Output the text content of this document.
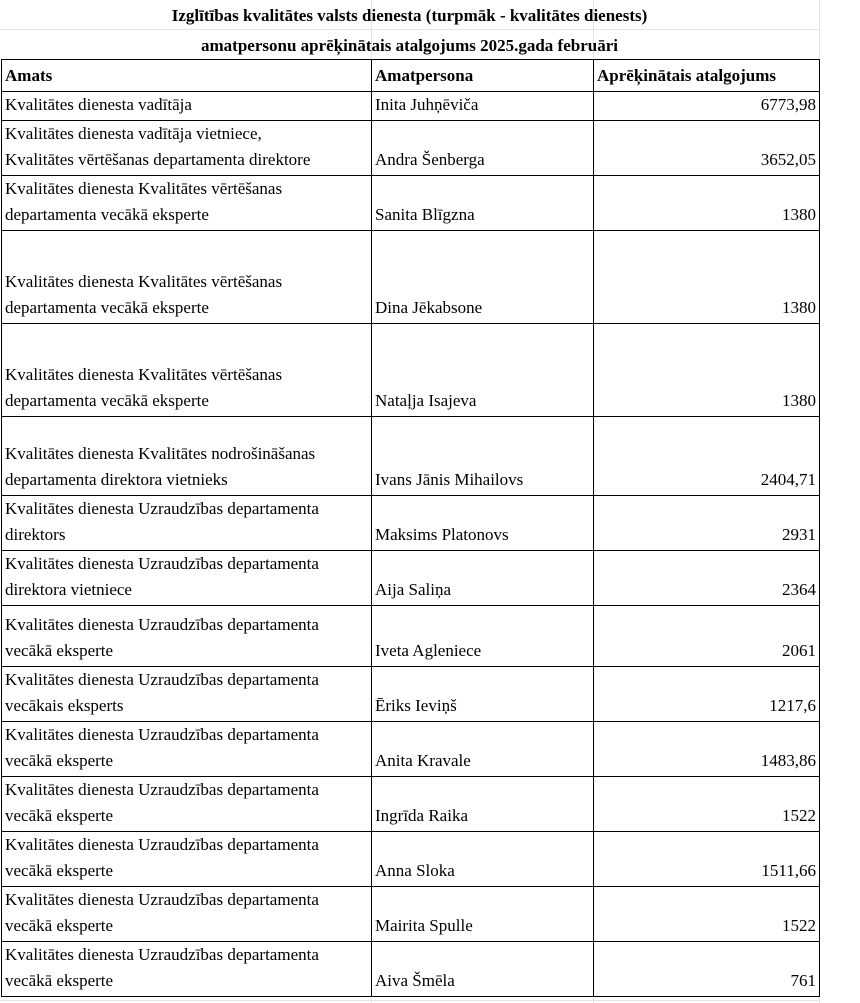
Izglītības kvalitātes valsts dienesta (turpmāk - kvalitātes dienests)
amatpersonu aprēķinātais atalgojums 2025.gada februāri
Amats	Amatpersona	Aprēķinātais atalgojums
Kvalitātes dienesta vadītāja	Inita Juhņēviča	6773,98
Kvalitātes dienesta vadītāja vietniece,
Kvalitātes vērtēšanas departamenta direktore	Andra Šenberga	3652,05
Kvalitātes dienesta Kvalitātes vērtēšanas
departamenta vecākā eksperte	Sanita Blīgzna	1380
Kvalitātes dienesta Kvalitātes vērtēšanas
departamenta vecākā eksperte	Dina Jēkabsone	1380
Kvalitātes dienesta Kvalitātes vērtēšanas
departamenta vecākā eksperte	Nataļja Isajeva	1380
Kvalitātes dienesta Kvalitātes nodrošināšanas
departamenta direktora vietnieks	Ivans Jānis Mihailovs	2404,71
Kvalitātes dienesta Uzraudzības departamenta
direktors	Maksims Platonovs	2931
Kvalitātes dienesta Uzraudzības departamenta
direktora vietniece	Aija Saliņa	2364
Kvalitātes dienesta Uzraudzības departamenta
vecākā eksperte	Iveta Agleniece	2061
Kvalitātes dienesta Uzraudzības departamenta
vecākais eksperts	Ēriks Ieviņš	1217,6
Kvalitātes dienesta Uzraudzības departamenta
vecākā eksperte	Anita Kravale	1483,86
Kvalitātes dienesta Uzraudzības departamenta
vecākā eksperte	Ingrīda Raika	1522
Kvalitātes dienesta Uzraudzības departamenta
vecākā eksperte	Anna Sloka	1511,66
Kvalitātes dienesta Uzraudzības departamenta
vecākā eksperte	Mairita Spulle	1522
Kvalitātes dienesta Uzraudzības departamenta
vecākā eksperte	Aiva Šmēla	761
